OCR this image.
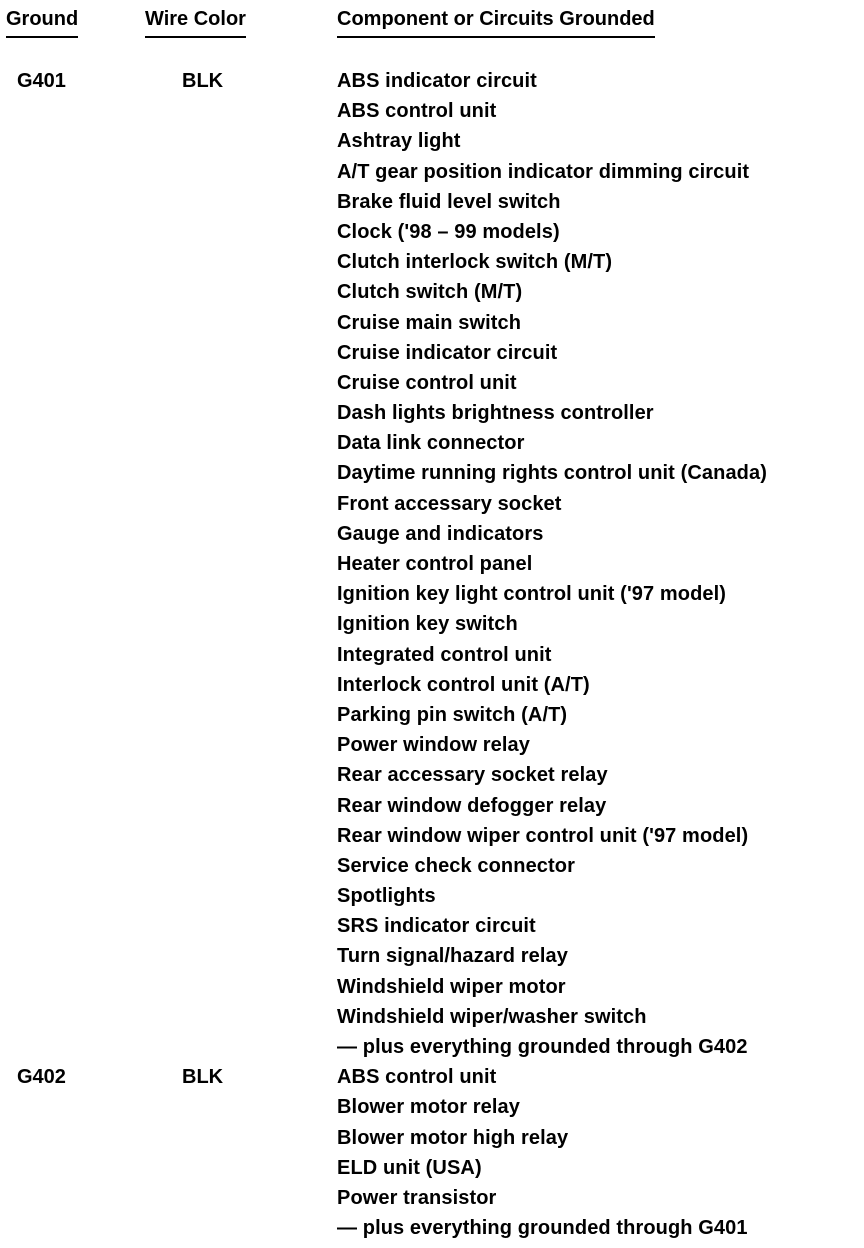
Ground	Wire Color	Component or Circuits Grounded
G401	BLK	ABS indicator circuit
ABS control unit
Ashtray light
A/T gear position indicator dimming circuit
Brake fluid level switch
Clock ('98 – 99 models)
Clutch interlock switch (M/T)
Clutch switch (M/T)
Cruise main switch
Cruise indicator circuit
Cruise control unit
Dash lights brightness controller
Data link connector
Daytime running rights control unit (Canada)
Front accessary socket
Gauge and indicators
Heater control panel
Ignition key light control unit ('97 model)
Ignition key switch
Integrated control unit
Interlock control unit (A/T)
Parking pin switch (A/T)
Power window relay
Rear accessary socket relay
Rear window defogger relay
Rear window wiper control unit ('97 model)
Service check connector
Spotlights
SRS indicator circuit
Turn signal/hazard relay
Windshield wiper motor
Windshield wiper/washer switch
— plus everything grounded through G402
G402	BLK	ABS control unit
Blower motor relay
Blower motor high relay
ELD unit (USA)
Power transistor
— plus everything grounded through G401
